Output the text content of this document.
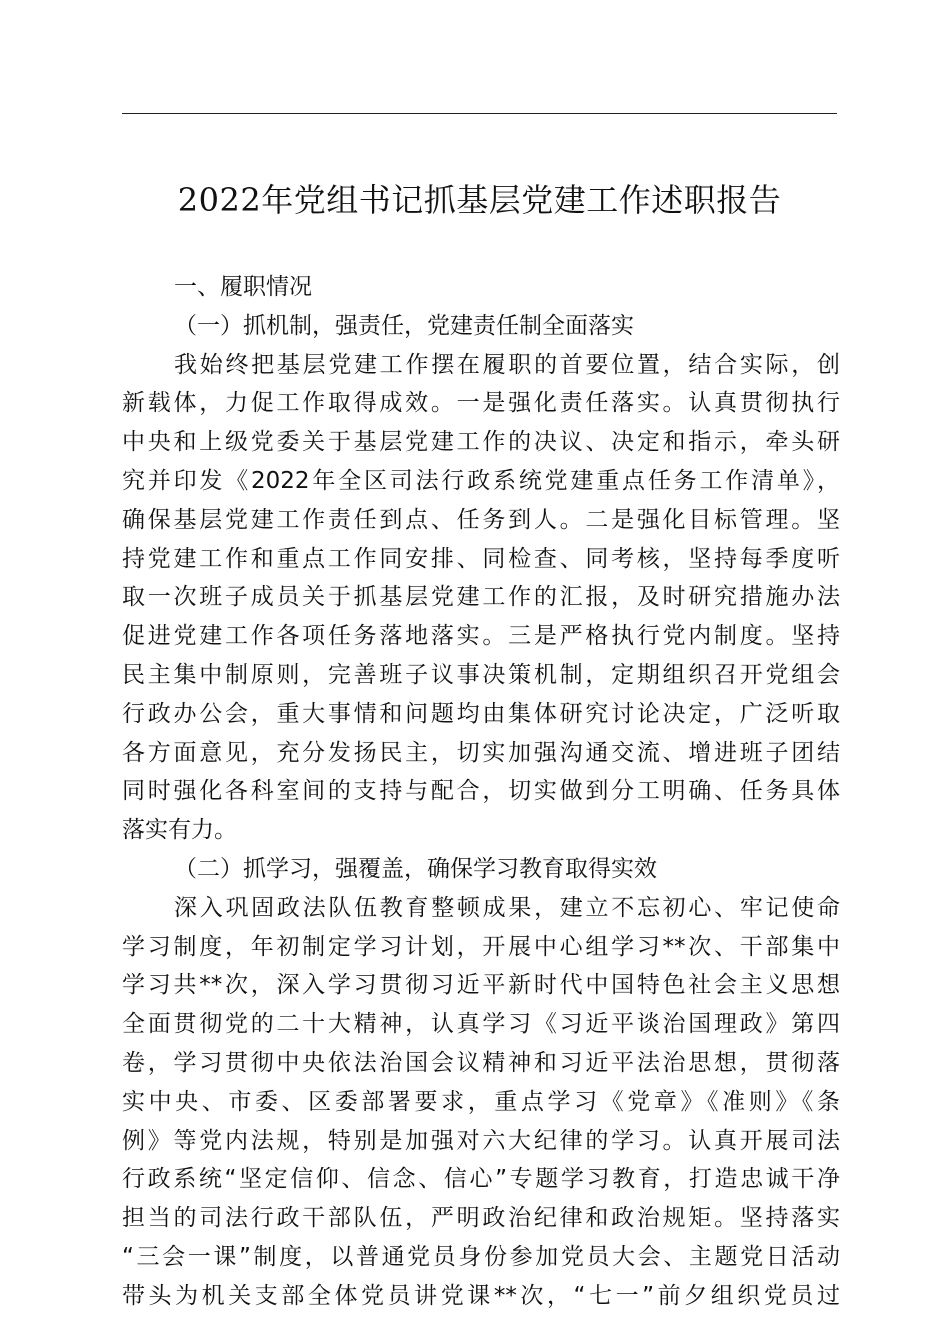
2022年党组书记抓基层党建工作述职报告
一、履职情况
（一）抓机制，强责任，党建责任制全面落实
我始终把基层党建工作摆在履职的首要位置，结合实际，创
新载体，力促工作取得成效。一是强化责任落实。认真贯彻执行
中央和上级党委关于基层党建工作的决议、决定和指示，牵头研
究并印发《2022年全区司法行政系统党建重点任务工作清单》，
确保基层党建工作责任到点、任务到人。二是强化目标管理。坚
持党建工作和重点工作同安排、同检查、同考核，坚持每季度听
取一次班子成员关于抓基层党建工作的汇报，及时研究措施办法
促进党建工作各项任务落地落实。三是严格执行党内制度。坚持
民主集中制原则，完善班子议事决策机制，定期组织召开党组会
行政办公会，重大事情和问题均由集体研究讨论决定，广泛听取
各方面意见，充分发扬民主，切实加强沟通交流、增进班子团结
同时强化各科室间的支持与配合，切实做到分工明确、任务具体
落实有力。
（二）抓学习，强覆盖，确保学习教育取得实效
深入巩固政法队伍教育整顿成果，建立不忘初心、牢记使命
学习制度，年初制定学习计划，开展中心组学习**次、干部集中
学习共**次，深入学习贯彻习近平新时代中国特色社会主义思想
全面贯彻党的二十大精神，认真学习《习近平谈治国理政》第四
卷，学习贯彻中央依法治国会议精神和习近平法治思想，贯彻落
实中央、市委、区委部署要求，重点学习《党章》《准则》《条
例》等党内法规，特别是加强对六大纪律的学习。认真开展司法
行政系统“坚定信仰、信念、信心”专题学习教育，打造忠诚干净
担当的司法行政干部队伍，严明政治纪律和政治规矩。坚持落实
“三会一课”制度，以普通党员身份参加党员大会、主题党日活动
带头为机关支部全体党员讲党课**次，“七一”前夕组织党员过
